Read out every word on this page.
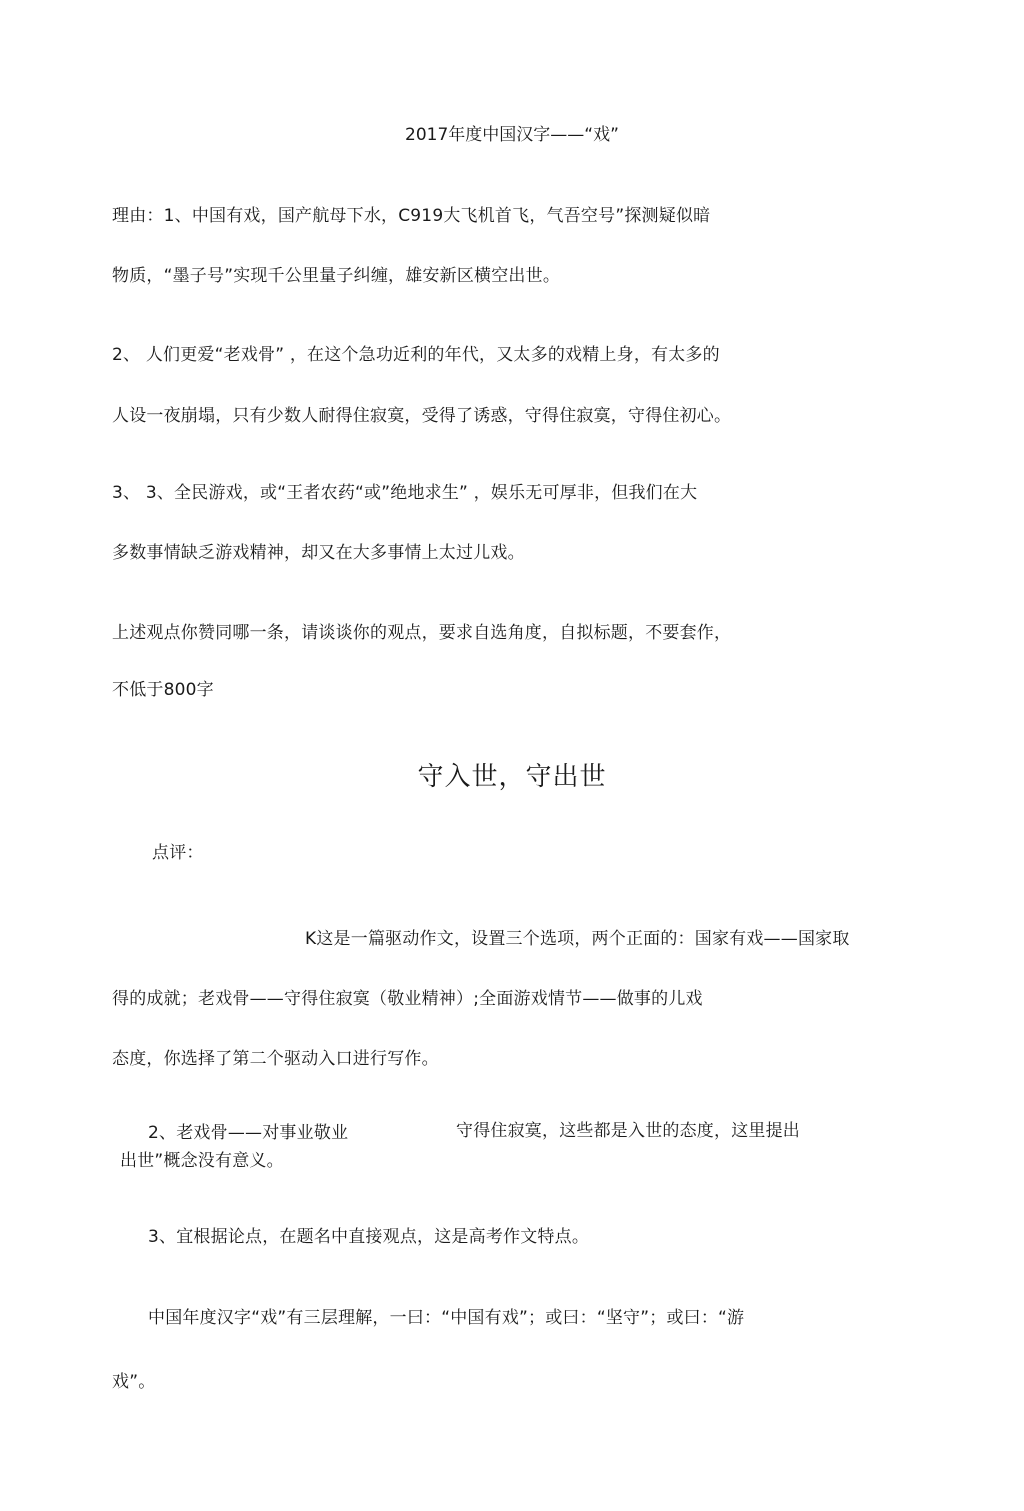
2017年度中国汉字——“戏”
理由：1、中国有戏，国产航母下水，C919大飞机首飞，气吾空号”探测疑似暗
物质，“墨子号”实现千公里量子纠缠，雄安新区横空出世。
2、 人们更爱“老戏骨” ，在这个急功近利的年代，又太多的戏精上身，有太多的
人设一夜崩塌，只有少数人耐得住寂寞，受得了诱惑，守得住寂寞，守得住初心。
3、 3、全民游戏，或“王者农药“或”绝地求生” ，娱乐无可厚非，但我们在大
多数事情缺乏游戏精神，却又在大多事情上太过儿戏。
上述观点你赞同哪一条，请谈谈你的观点，要求自选角度，自拟标题，不要套作，
不低于800字
守入世，守出世
点评：
K这是一篇驱动作文，设置三个选项，两个正面的：国家有戏——国家取
得的成就；老戏骨——守得住寂寞（敬业精神）;全面游戏情节——做事的儿戏
态度，你选择了第二个驱动入口进行写作。
2、老戏骨——对事业敬业	守得住寂寞，这些都是入世的态度，这里提出
出世”概念没有意义。
3、宜根据论点，在题名中直接观点，这是高考作文特点。
中国年度汉字“戏”有三层理解，一曰：“中国有戏”；或曰：“坚守”；或曰：“游
戏”。
